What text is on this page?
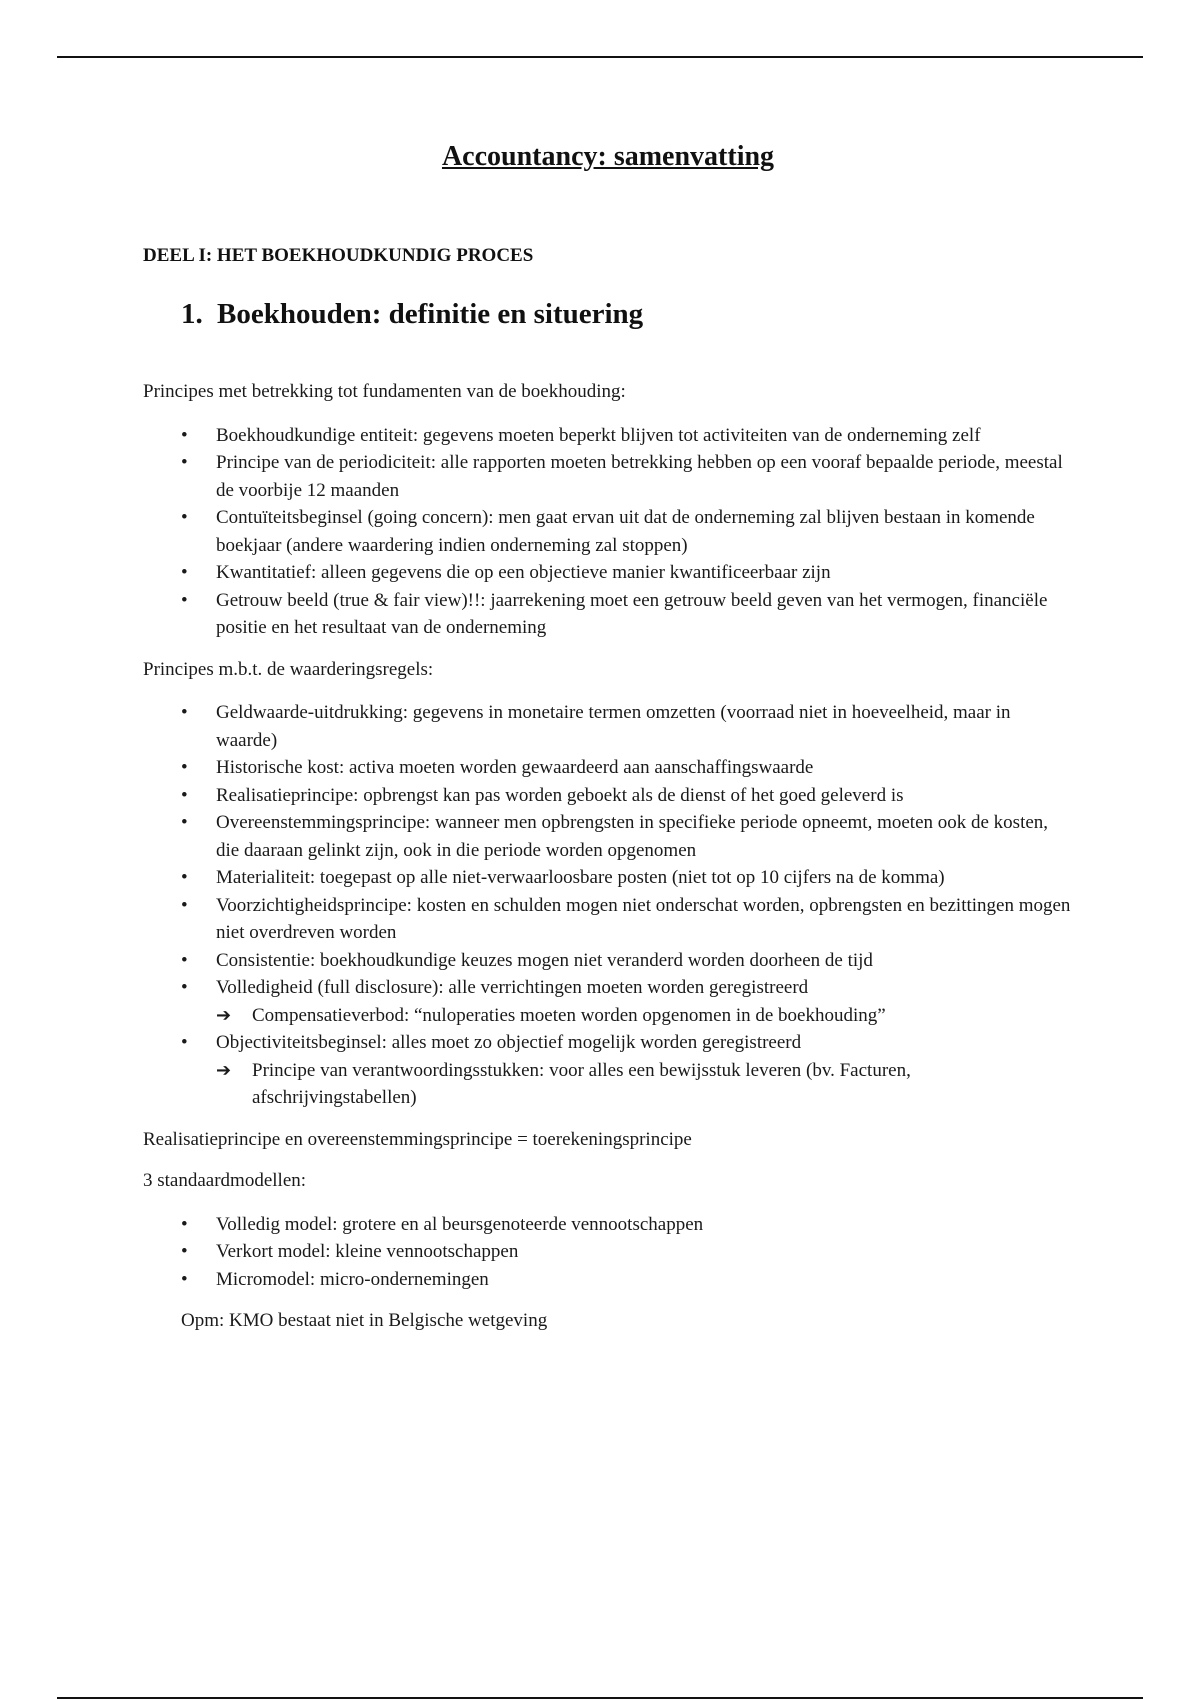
Accountancy: samenvatting
DEEL I: HET BOEKHOUDKUNDIG PROCES
1. Boekhouden: definitie en situering

Principes met betrekking tot fundamenten van de boekhouding:

• Boekhoudkundige entiteit: gegevens moeten beperkt blijven tot activiteiten van de onderneming zelf
• Principe van de periodiciteit: alle rapporten moeten betrekking hebben op een vooraf bepaalde periode, meestal de voorbije 12 maanden
• Contuïteitsbeginsel (going concern): men gaat ervan uit dat de onderneming zal blijven bestaan in komende boekjaar (andere waardering indien onderneming zal stoppen)
• Kwantitatief: alleen gegevens die op een objectieve manier kwantificeerbaar zijn
• Getrouw beeld (true & fair view)!!: jaarrekening moet een getrouw beeld geven van het vermogen, financiële positie en het resultaat van de onderneming

Principes m.b.t. de waarderingsregels:

• Geldwaarde-uitdrukking: gegevens in monetaire termen omzetten (voorraad niet in hoeveelheid, maar in waarde)
• Historische kost: activa moeten worden gewaardeerd aan aanschaffingswaarde
• Realisatieprincipe: opbrengst kan pas worden geboekt als de dienst of het goed geleverd is
• Overeenstemmingsprincipe: wanneer men opbrengsten in specifieke periode opneemt, moeten ook de kosten, die daaraan gelinkt zijn, ook in die periode worden opgenomen
• Materialiteit: toegepast op alle niet-verwaarloosbare posten (niet tot op 10 cijfers na de komma)
• Voorzichtigheidsprincipe: kosten en schulden mogen niet onderschat worden, opbrengsten en bezittingen mogen niet overdreven worden
• Consistentie: boekhoudkundige keuzes mogen niet veranderd worden doorheen de tijd
• Volledigheid (full disclosure): alle verrichtingen moeten worden geregistreerd
➔ Compensatieverbod: “nuloperaties moeten worden opgenomen in de boekhouding”
• Objectiviteitsbeginsel: alles moet zo objectief mogelijk worden geregistreerd
➔ Principe van verantwoordingsstukken: voor alles een bewijsstuk leveren (bv. Facturen, afschrijvingstabellen)

Realisatieprincipe en overeenstemmingsprincipe = toerekeningsprincipe

3 standaardmodellen:

• Volledig model: grotere en al beursgenoteerde vennootschappen
• Verkort model: kleine vennootschappen
• Micromodel: micro-ondernemingen

Opm: KMO bestaat niet in Belgische wetgeving
